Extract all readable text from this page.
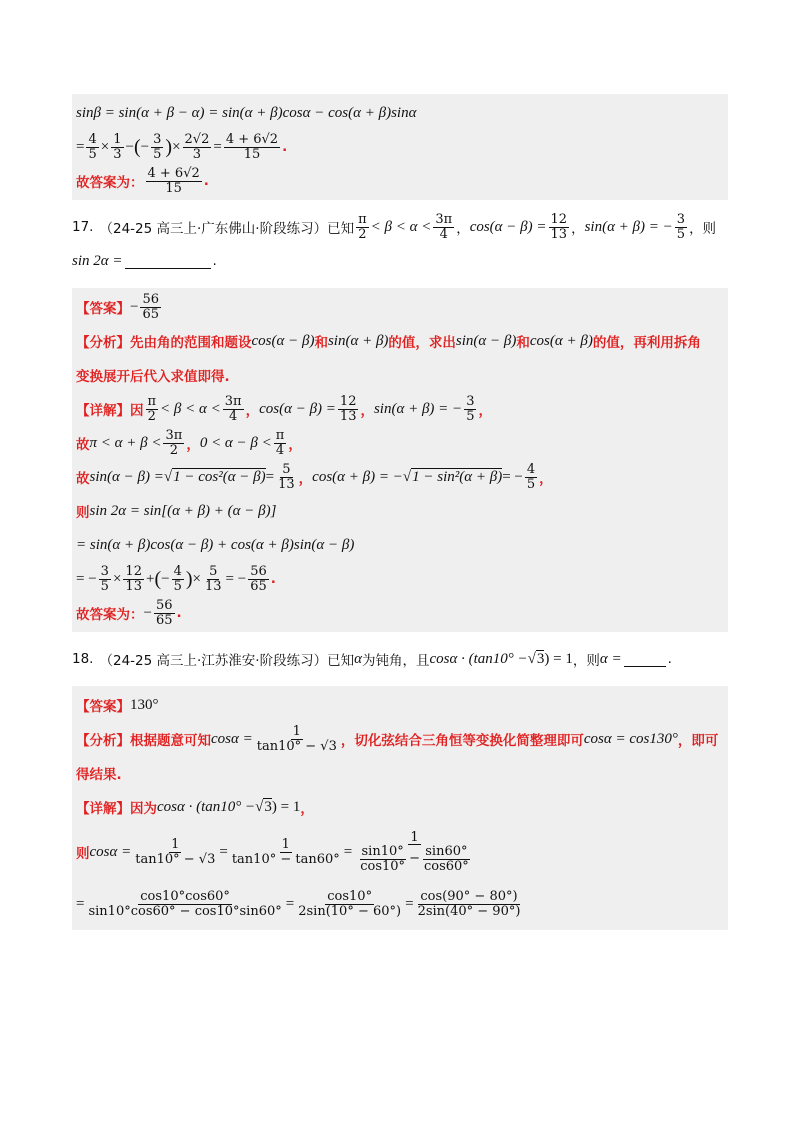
sinβ = sin(α + β − α) = sin(α + β)cosα − cos(α + β)sinα
= $\frac{4}{5} \times \frac{1}{3}$ − ( − $\frac{3}{5}$ ) × $\frac{2√2}{3} = \frac{4 + 6√2}{15}$ .
故答案为： $\frac{4 + 6√2}{15}$ .
17. （24-25 高三上·广东佛山·阶段练习）已知 $\frac{\pi}{2} < \beta < \alpha < \frac{3\pi}{4}$ ， $\cos(\alpha - \beta) = \frac{12}{13}$ ， sin(α + β) = − $\frac{3}{5}$ ，则
sin 2α =	.
【答案】 − $\frac{56}{65}$
【分析】 先由角的范围和题设 cos(α − β) 和 sin(α + β) 的值，求出 sin(α − β) 和 cos(α + β) 的值，再利用拆角
变换展开后代入求值即得.
【详解】 因 $\frac{\pi}{2} < \beta < \alpha < \frac{3\pi}{4}$ ， $\cos(\alpha - \beta) = \frac{12}{13}$ ， sin(α + β) = − $\frac{3}{5}$ ，
故 $\pi < \alpha + \beta < \frac{3\pi}{2}$ ， $0 < \alpha - \beta < \frac{\pi}{4}$ ，
故 sin(α − β) = √ $1 - \cos^2(\alpha - \beta) = \frac{5}{13}$ ， cos(α + β) = − √ 1 − sin²(α + β) = − $\frac{4}{5}$ ，
则 sin 2α = sin[(α + β) + (α − β)]
= sin(α + β)cos(α − β) + cos(α + β)sin(α − β)
= − $\frac{3}{5} \times \frac{12}{13}$ + ( − $\frac{4}{5}$ ) × $\frac{5}{13}$ = − $\frac{56}{65}$ .
故答案为： − $\frac{56}{65}$ .
18. （24-25 高三上·江苏淮安·阶段练习）已知 α 为钝角，且 cosα · (tan10° − √ 3 ) = 1 ，则 α =	.
【答案】 130°
【分析】 根据题意可知 $\cos\alpha = \frac{1}{\tan 10^\circ - √3}$ ，切化弦结合三角恒等变换化简整理即可 cosα = cos130° ，即可
得结果.
【详解】 因为 cosα · (tan10° − √ 3 ) = 1 ，
则 $\cos\alpha = \frac{1}{\tan 10^\circ - √3} = \frac{1}{\tan 10^\circ - \tan 60^\circ} = \frac{1}{\frac{\sin 10^\circ}{\cos 10^\circ} - \frac{\sin 60^\circ}{\cos 60^\circ}}$
= $\frac{\cos 10^\circ\cos 60^\circ}{\sin 10^\circ\cos 60^\circ - \cos 10^\circ\sin 60^\circ} = \frac{\cos 10^\circ}{2\sin(10^\circ - 60^\circ)} = \frac{\cos(90^\circ - 80^\circ)}{2\sin(40^\circ - 90^\circ)}$
